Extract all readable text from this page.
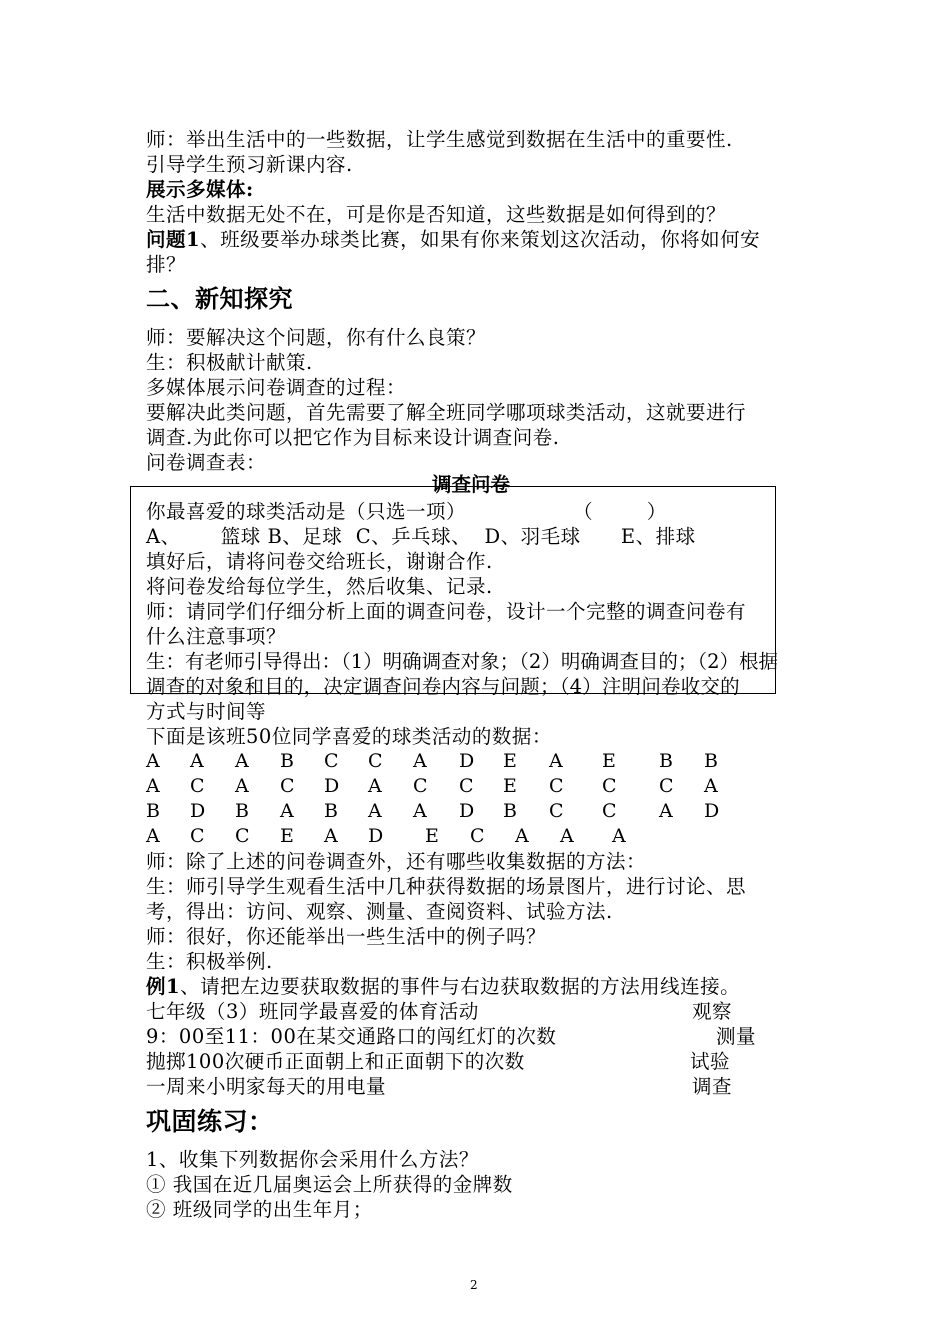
师：举出生活中的一些数据，让学生感觉到数据在生活中的重要性.
引导学生预习新课内容.
展示多媒体:
生活中数据无处不在，可是你是否知道，这些数据是如何得到的？
问题1、班级要举办球类比赛，如果有你来策划这次活动，你将如何安
排？
二、新知探究
师：要解决这个问题，你有什么良策？
生：积极献计献策.
多媒体展示问卷调查的过程：
要解决此类问题，首先需要了解全班同学哪项球类活动，这就要进行
调查.为此你可以把它作为目标来设计调查问卷.
问卷调查表：
调查问卷
你最喜爱的球类活动是（只选一项）                （        ）
A、      篮球 B、足球  C、乒乓球、  D、羽毛球      E、排球
填好后，请将问卷交给班长，谢谢合作.
将问卷发给每位学生，然后收集、记录.
师：请同学们仔细分析上面的调查问卷，设计一个完整的调查问卷有
什么注意事项？
生：有老师引导得出：（1）明确调查对象；（2）明确调查目的；（2）根据
调查的对象和目的，决定调查问卷内容与问题；（4）注明问卷收交的
方式与时间等
下面是该班50位同学喜爱的球类活动的数据：
A A A B C C A D E A E B B
A C A C D A C C E C C C A
B D B A B A A D B C C A D
A C C E A D E C A A A
师：除了上述的问卷调查外，还有哪些收集数据的方法：
生：师引导学生观看生活中几种获得数据的场景图片，进行讨论、思
考，得出：访问、观察、测量、查阅资料、试验方法.
师：很好，你还能举出一些生活中的例子吗？
生：积极举例.
例1、请把左边要获取数据的事件与右边获取数据的方法用线连接。
七年级（3）班同学最喜爱的体育活动
9：00至11：00在某交通路口的闯红灯的次数
抛掷100次硬币正面朝上和正面朝下的次数
一周来小明家每天的用电量
观察
测量
试验
调查
巩固练习：
1、收集下列数据你会采用什么方法？
① 我国在近几届奥运会上所获得的金牌数
② 班级同学的出生年月；
2
